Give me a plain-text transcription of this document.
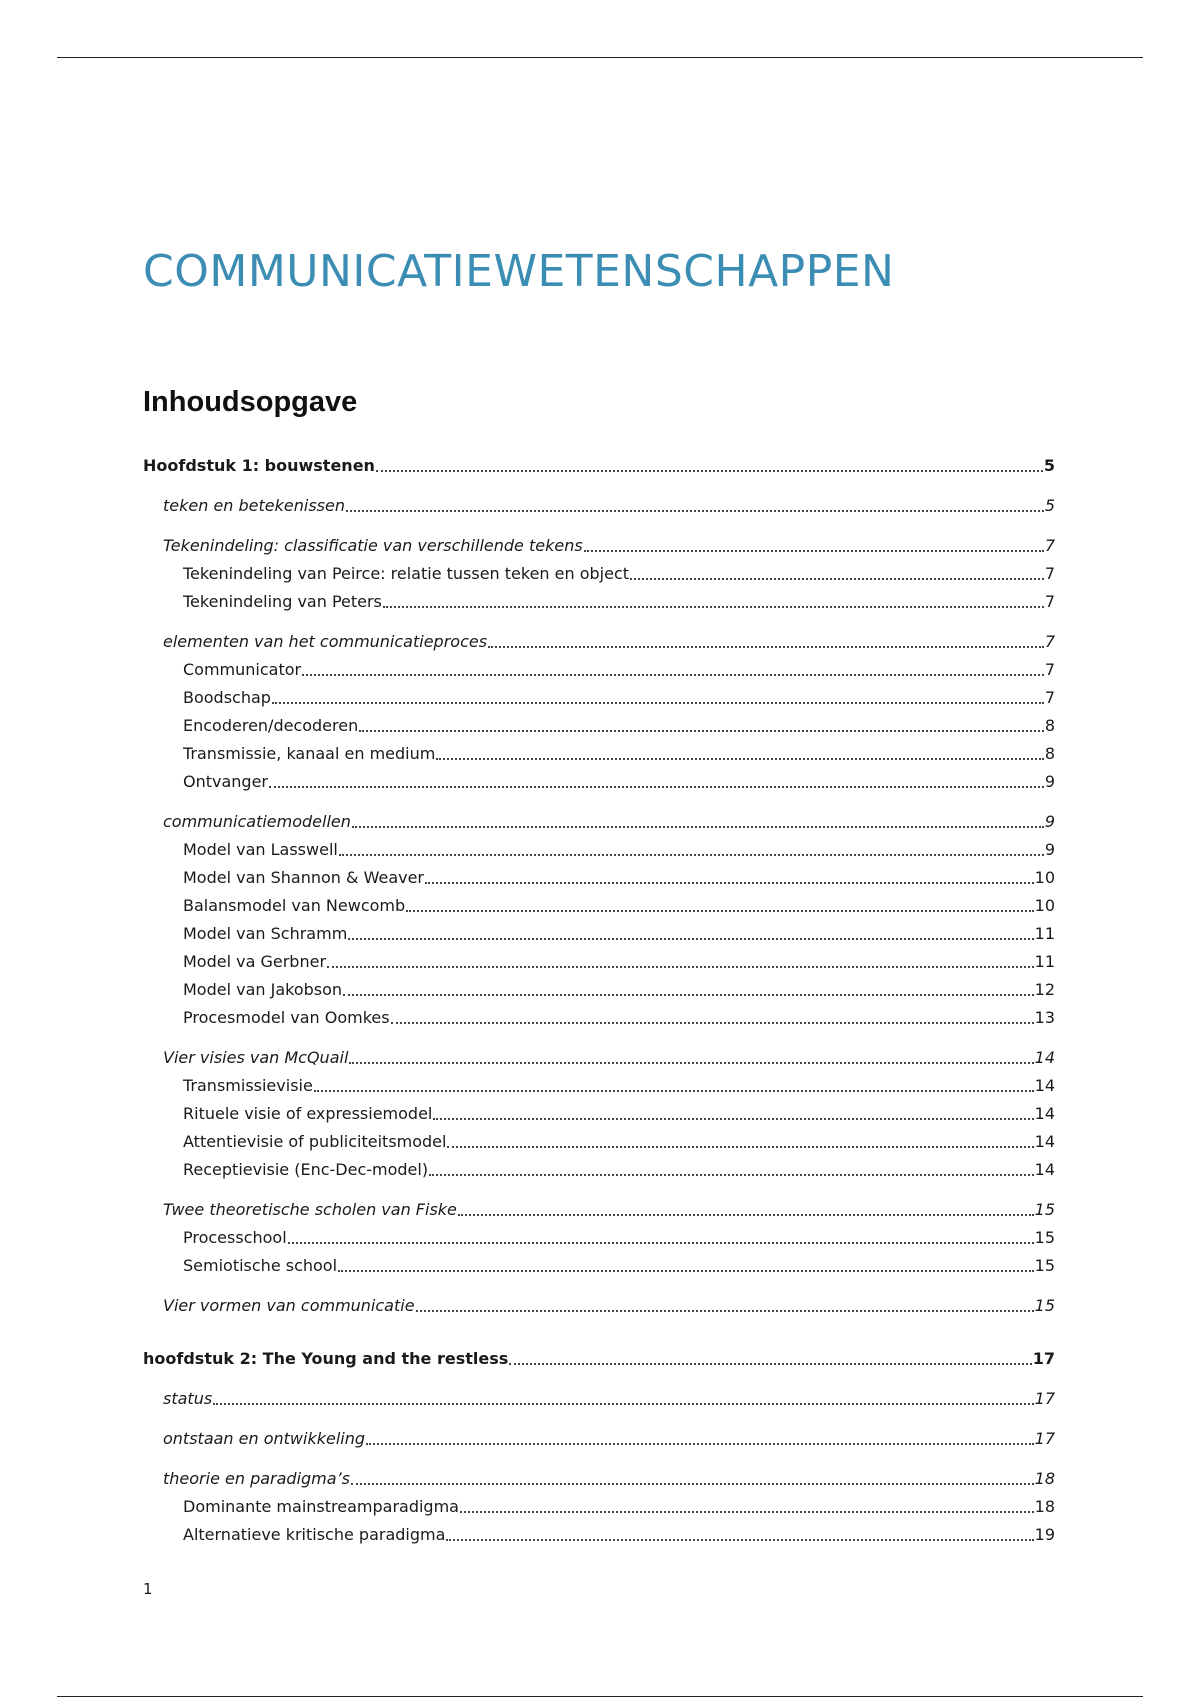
COMMUNICATIEWETENSCHAPPEN
Inhoudsopgave
Hoofdstuk 1: bouwstenen	5
teken en betekenissen	5
Tekenindeling: classificatie van verschillende tekens	7
Tekenindeling van Peirce: relatie tussen teken en object	7
Tekenindeling van Peters	7
elementen van het communicatieproces	7
Communicator	7
Boodschap	7
Encoderen/decoderen	8
Transmissie, kanaal en medium	8
Ontvanger	9
communicatiemodellen	9
Model van Lasswell	9
Model van Shannon & Weaver	10
Balansmodel van Newcomb	10
Model van Schramm	11
Model va Gerbner	11
Model van Jakobson	12
Procesmodel van Oomkes	13
Vier visies van McQuail	14
Transmissievisie	14
Rituele visie of expressiemodel	14
Attentievisie of publiciteitsmodel	14
Receptievisie (Enc-Dec-model)	14
Twee theoretische scholen van Fiske	15
Processchool	15
Semiotische school	15
Vier vormen van communicatie	15
hoofdstuk 2: The Young and the restless	17
status	17
ontstaan en ontwikkeling	17
theorie en paradigma’s	18
Dominante mainstreamparadigma	18
Alternatieve kritische paradigma	19
1
